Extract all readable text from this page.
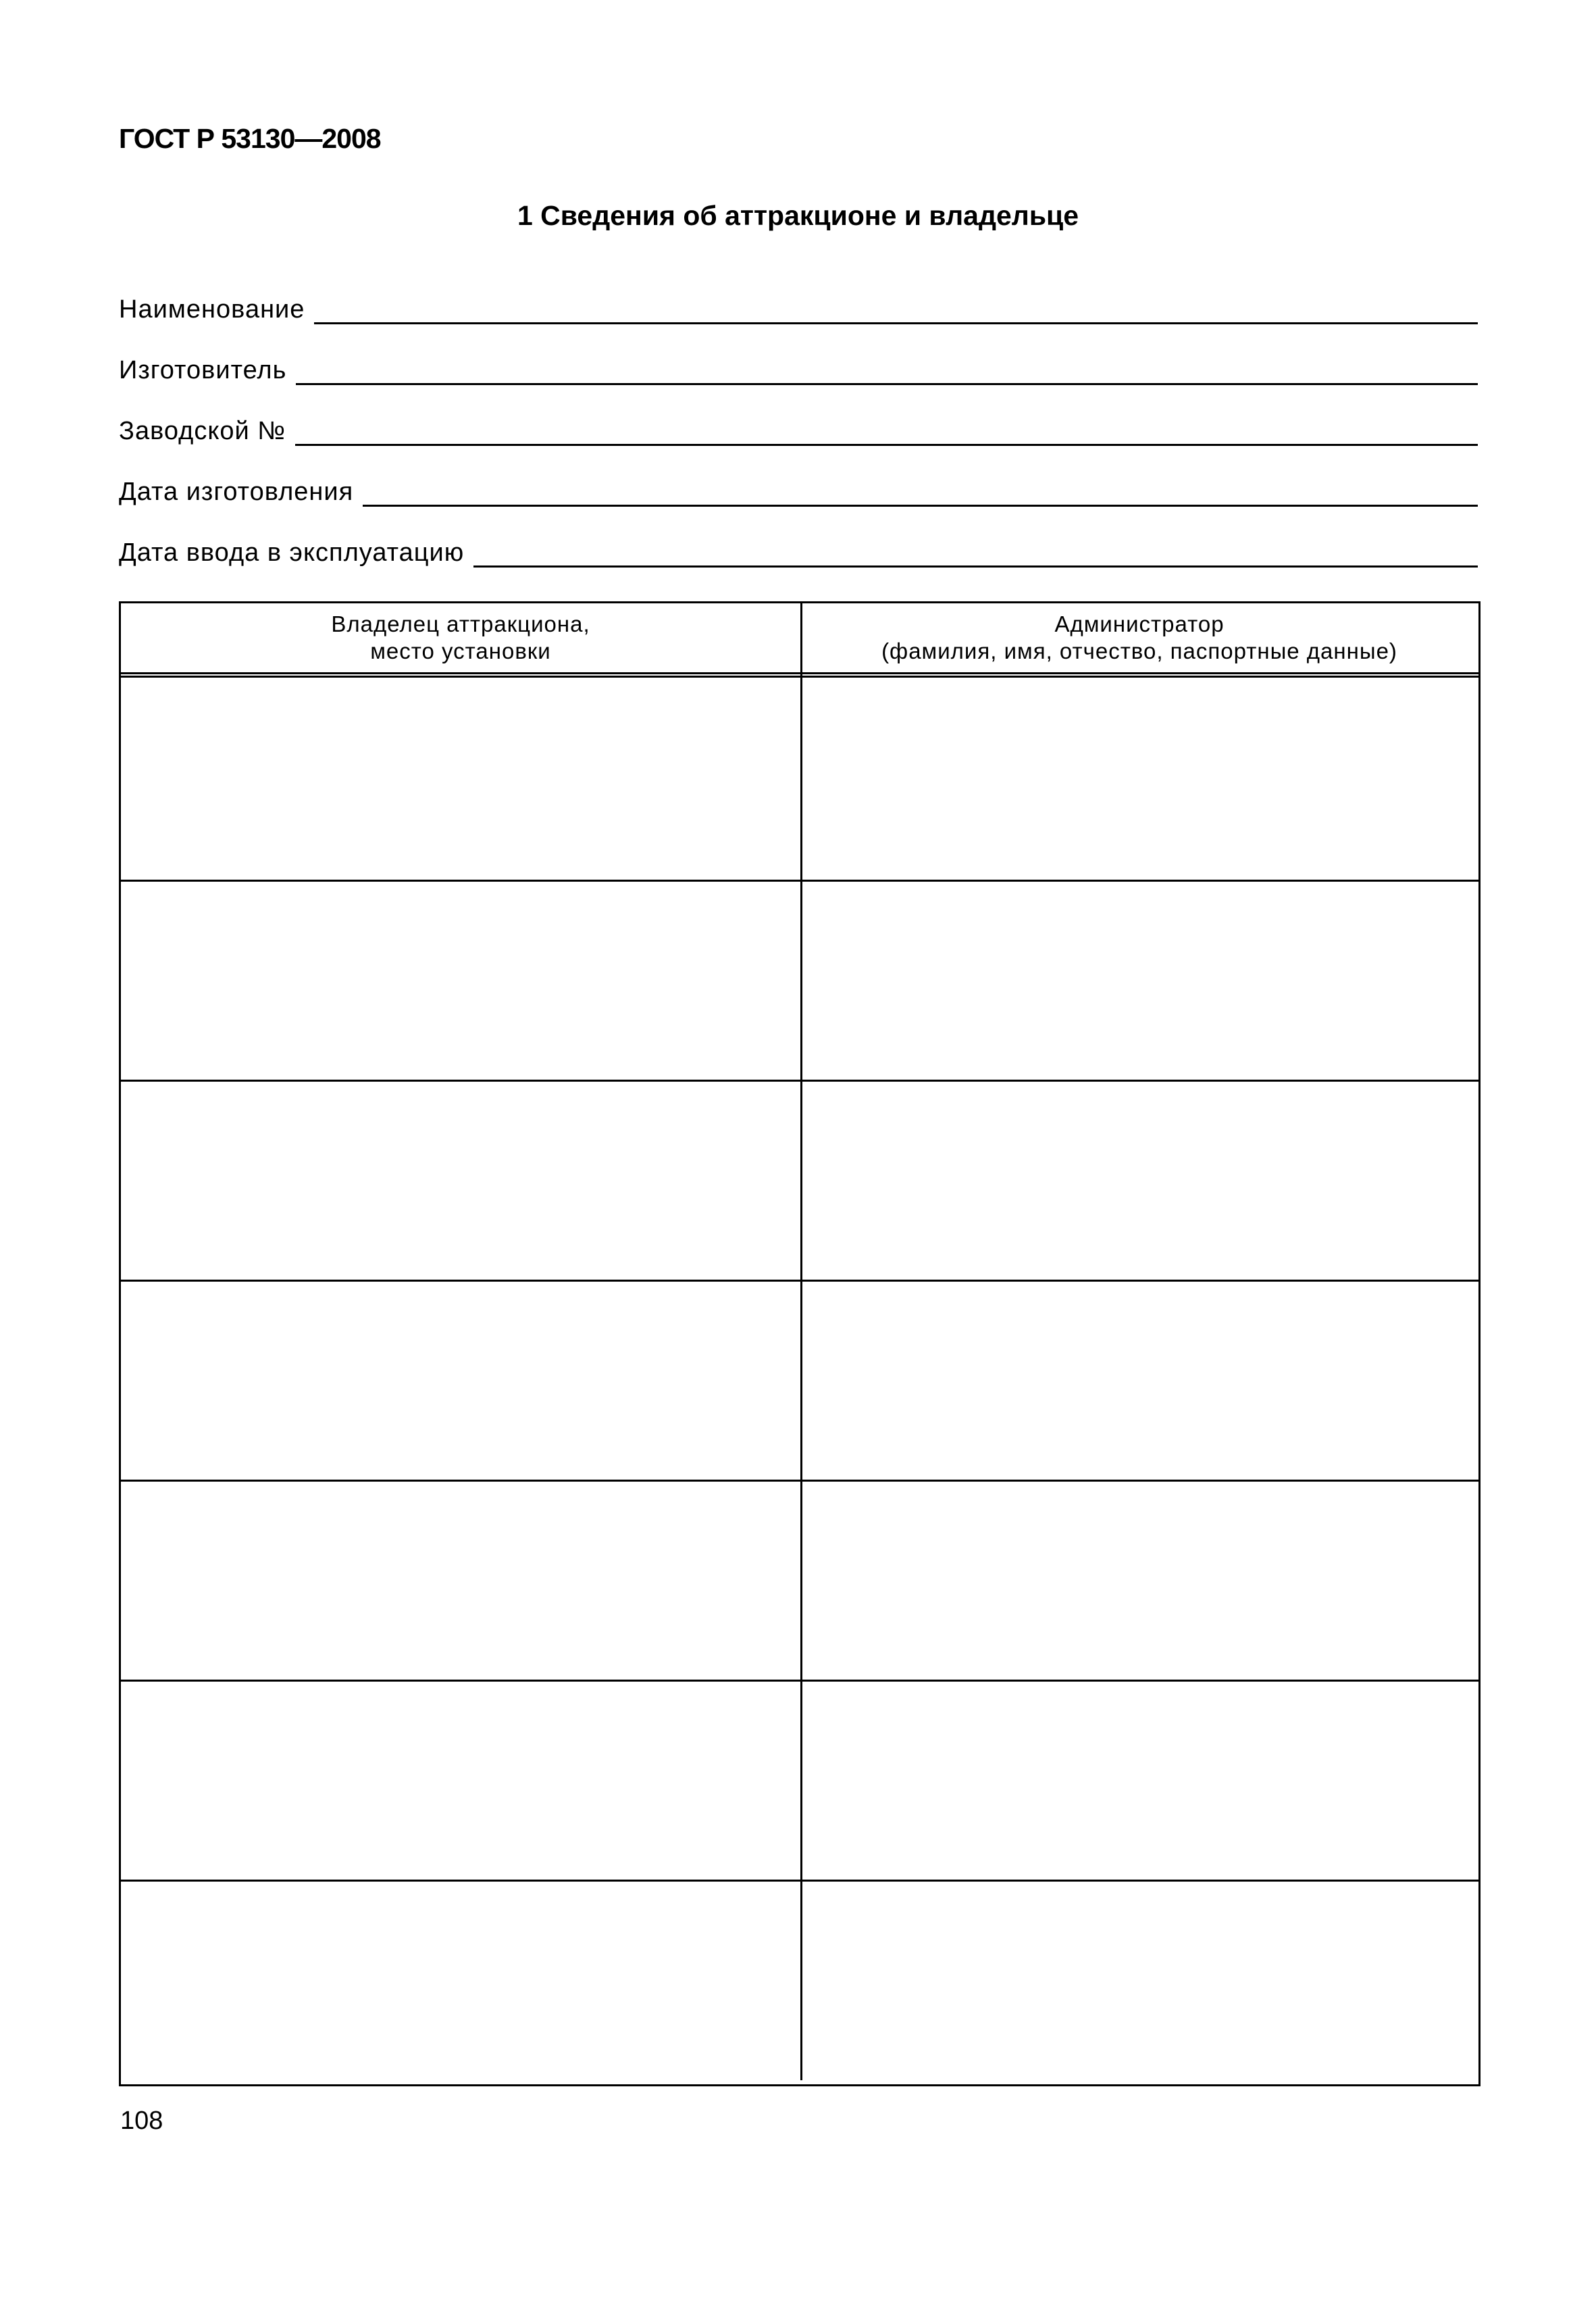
ГОСТ Р 53130—2008
1 Сведения об аттракционе и владельце
Наименование
Изготовитель
Заводской №
Дата изготовления
Дата ввода в эксплуатацию
Владелец аттракциона,
место установки
Администратор
(фамилия, имя, отчество, паспортные данные)
108
